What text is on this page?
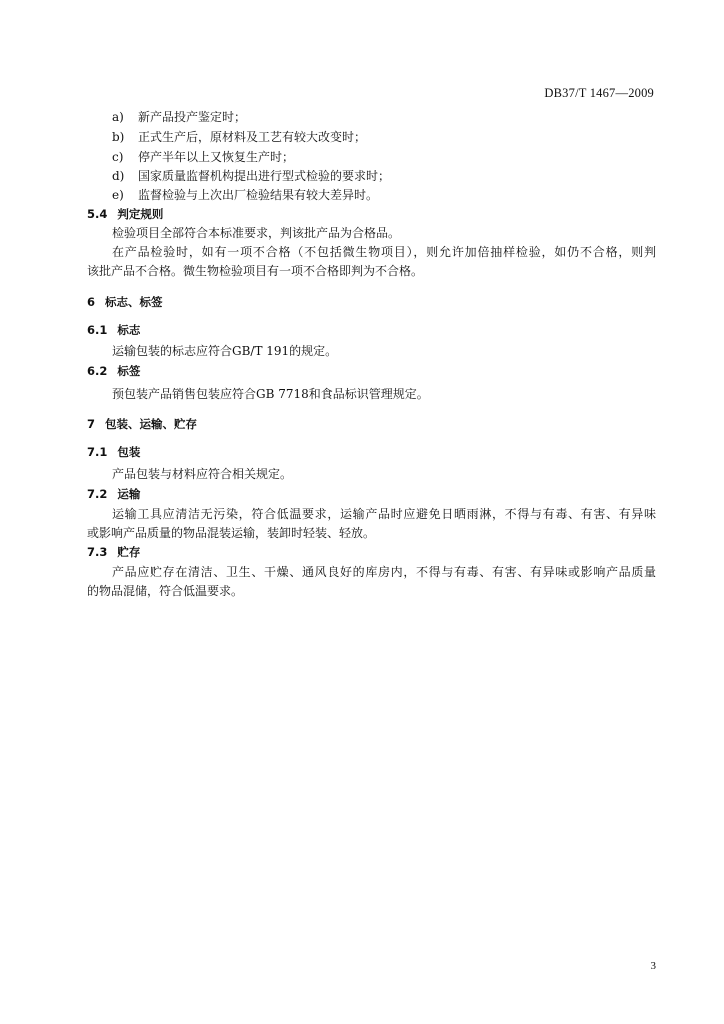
DB37/T 1467—2009
a) 新产品投产鉴定时；
b) 正式生产后，原材料及工艺有较大改变时；
c) 停产半年以上又恢复生产时；
d) 国家质量监督机构提出进行型式检验的要求时；
e) 监督检验与上次出厂检验结果有较大差异时。
5.4 判定规则
检验项目全部符合本标准要求，判该批产品为合格品。
在产品检验时，如有一项不合格（不包括微生物项目），则允许加倍抽样检验，如仍不合格，则判
该批产品不合格。微生物检验项目有一项不合格即判为不合格。
6 标志、标签
6.1 标志
运输包装的标志应符合GB/T 191的规定。
6.2 标签
预包装产品销售包装应符合GB 7718和食品标识管理规定。
7 包装、运输、贮存
7.1 包装
产品包装与材料应符合相关规定。
7.2 运输
运输工具应清洁无污染，符合低温要求，运输产品时应避免日晒雨淋，不得与有毒、有害、有异味
或影响产品质量的物品混装运输，装卸时轻装、轻放。
7.3 贮存
产品应贮存在清洁、卫生、干燥、通风良好的库房内，不得与有毒、有害、有异味或影响产品质量
的物品混储，符合低温要求。
3
